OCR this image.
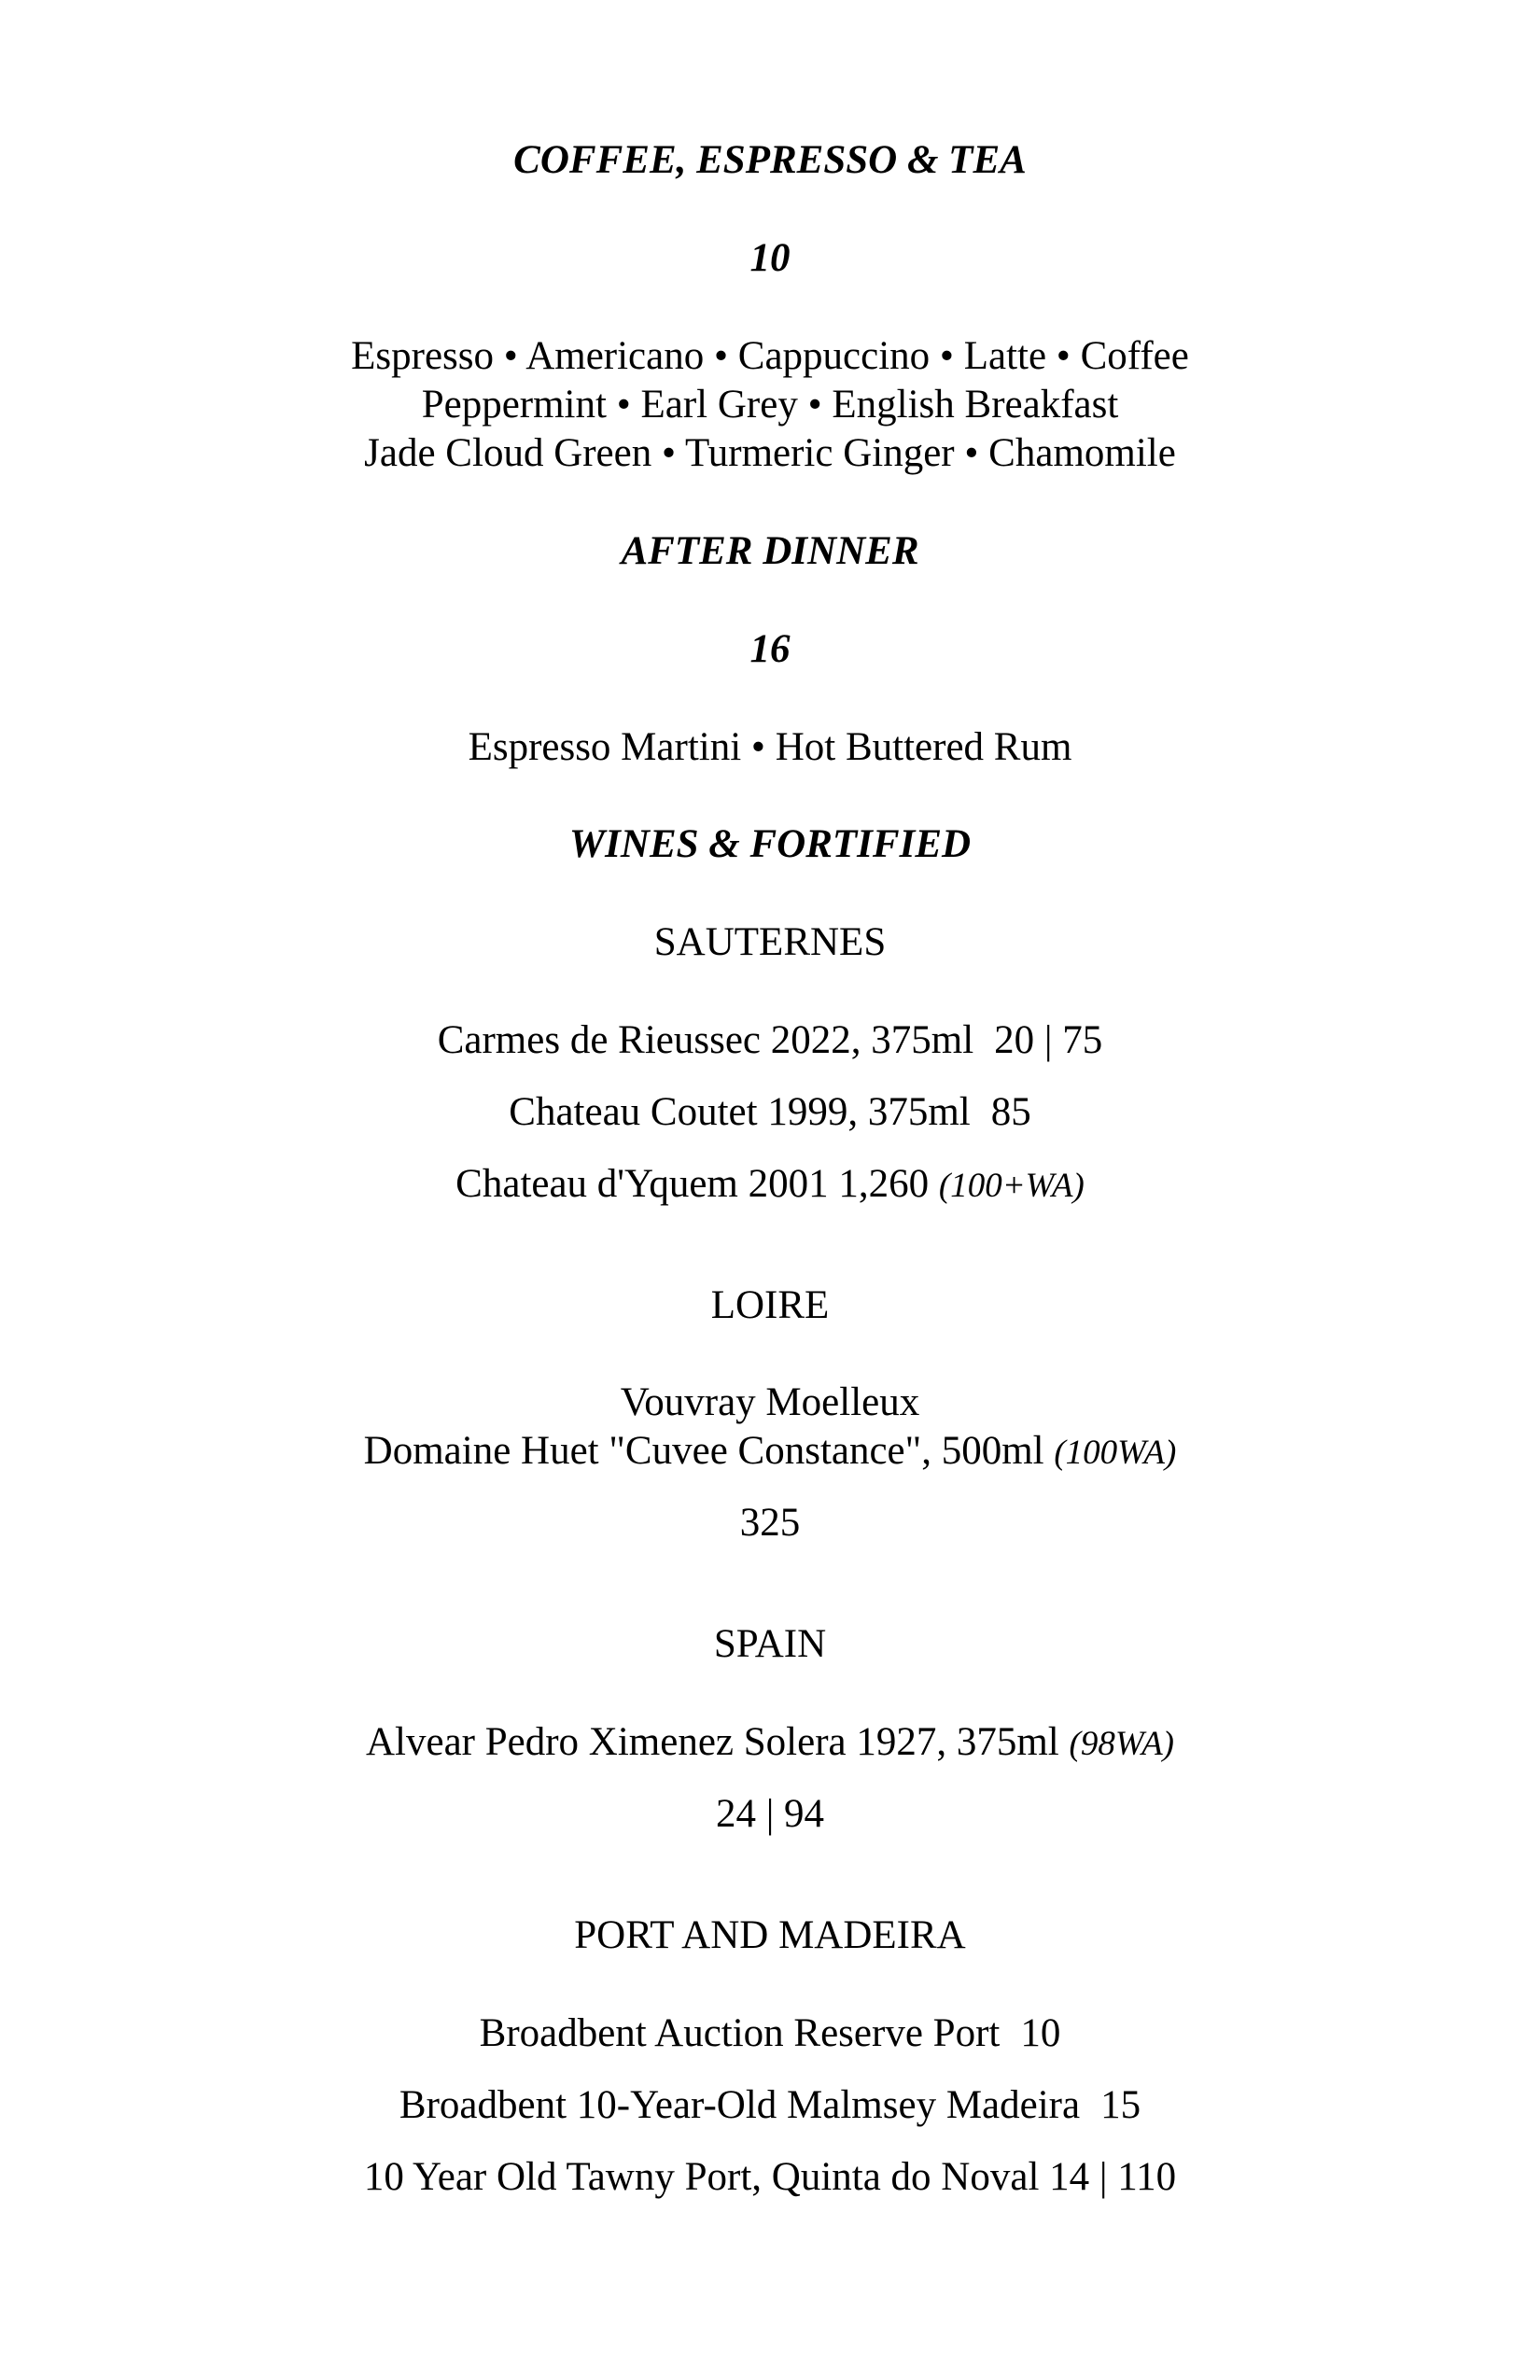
COFFEE, ESPRESSO & TEA
10
Espresso • Americano • Cappuccino • Latte • Coffee
Peppermint • Earl Grey • English Breakfast
Jade Cloud Green • Turmeric Ginger • Chamomile
AFTER DINNER
16
Espresso Martini • Hot Buttered Rum
WINES & FORTIFIED
SAUTERNES
Carmes de Rieussec 2022, 375ml 20 | 75
Chateau Coutet 1999, 375ml 85
Chateau d'Yquem 2001 1,260 (100+WA)
LOIRE
Vouvray Moelleux
Domaine Huet "Cuvee Constance", 500ml (100WA)
325
SPAIN
Alvear Pedro Ximenez Solera 1927, 375ml (98WA)
24 | 94
PORT AND MADEIRA
Broadbent Auction Reserve Port 10
Broadbent 10-Year-Old Malmsey Madeira 15
10 Year Old Tawny Port, Quinta do Noval 14 | 110
